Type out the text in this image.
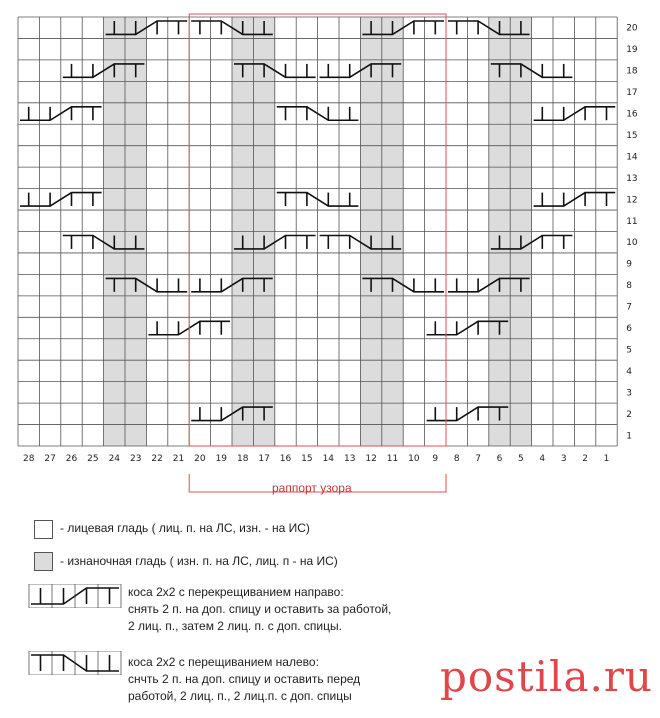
1
2
3
4
5
6
7
8
9
10
11
12
13
14
15
16
17
18
19
20
28 27 26 25 24 23 22 21 20 19 18 17 16 15 14 13 12 11 10 9 8 7 6 5 4 3 2 1
раппорт узора
- лицевая гладь ( лиц. п. на ЛС, изн. - на ИС)
- изнаночная гладь ( изн. п. на ЛС, лиц. п - на ИС)
коса 2х2 с перекрещиванием направо:
снять 2 п. на доп. спицу и оставить за работой,
2 лиц. п., затем 2 лиц. п. с доп. спицы.
коса 2х2 с перещиванием налево:
снчть 2 п. на доп. спицу и оставить перед
работой, 2 лиц. п., 2 лиц.п. с доп. спицы postila.ru
